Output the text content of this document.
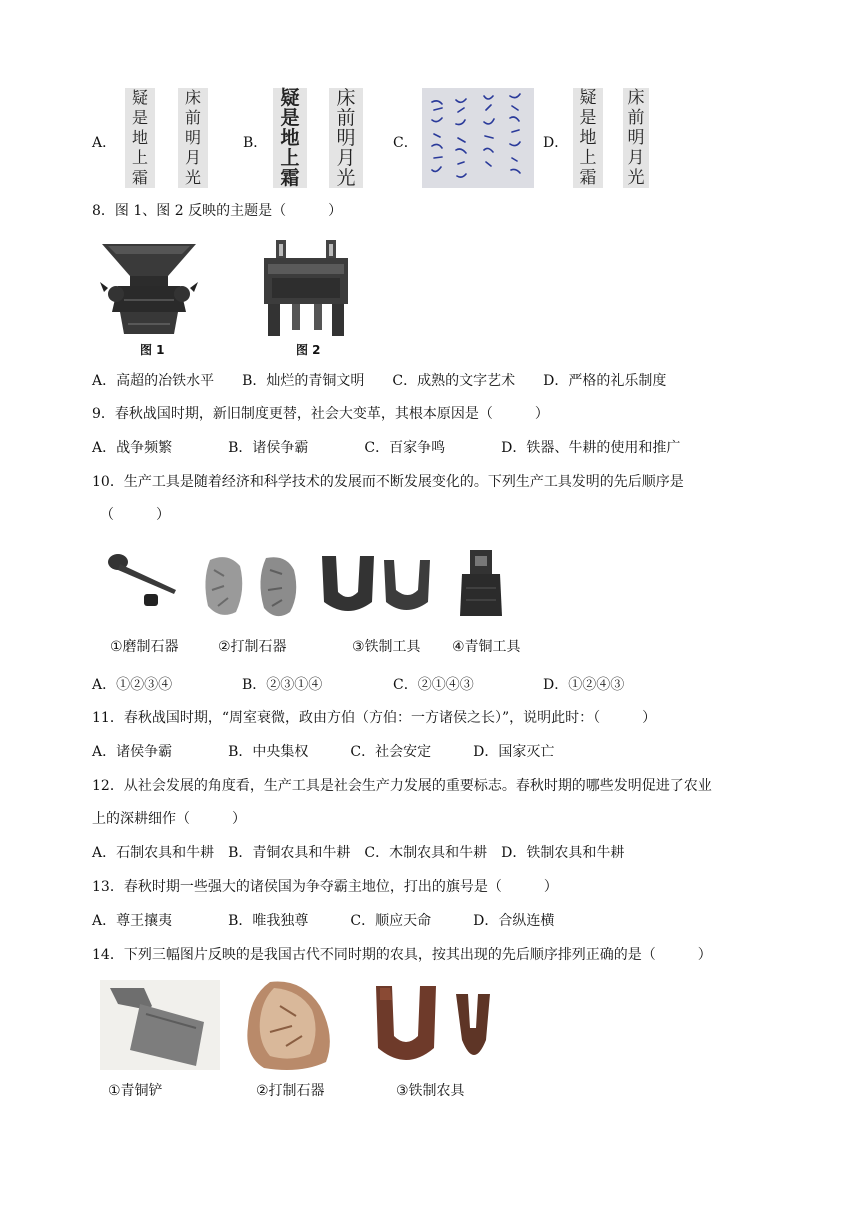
A．
疑
是
地
上
霜
床
前
明
月
光
B．
疑
是
地
上
霜
床
前
明
月
光
C．	D．
疑
是
地
上
霜
床
前
明
月
光
8．图 1、图 2 反映的主题是（　　　）
图 1	图 2
A．高超的冶铁水平　　B．灿烂的青铜文明　　C．成熟的文字艺术　　D．严格的礼乐制度
9．春秋战国时期，新旧制度更替，社会大变革，其根本原因是（　　　）
A．战争频繁　　　　B．诸侯争霸　　　　C．百家争鸣　　　　D．铁器、牛耕的使用和推广
10．生产工具是随着经济和科学技术的发展而不断发展变化的。下列生产工具发明的先后顺序是
（　　　）
①磨制石器	②打制石器	③铁制工具 ④青铜工具
A．①②③④	B．②③①④	C．②①④③	D．①②④③
11．春秋战国时期，“周室衰微，政由方伯（方伯：一方诸侯之长）”，说明此时：（　　　）
A．诸侯争霸　　　　B．中央集权　　　C．社会安定　　　D．国家灭亡
12．从社会发展的角度看，生产工具是社会生产力发展的重要标志。春秋时期的哪些发明促进了农业
上的深耕细作（　　　）
A．石制农具和牛耕　B．青铜农具和牛耕　C．木制农具和牛耕　D．铁制农具和牛耕
13．春秋时期一些强大的诸侯国为争夺霸主地位，打出的旗号是（　　　）
A．尊王攘夷　　　　B．唯我独尊　　　C．顺应天命　　　D．合纵连横
14．下列三幅图片反映的是我国古代不同时期的农具，按其出现的先后顺序排列正确的是（　　　）
①青铜铲	②打制石器	③铁制农具
